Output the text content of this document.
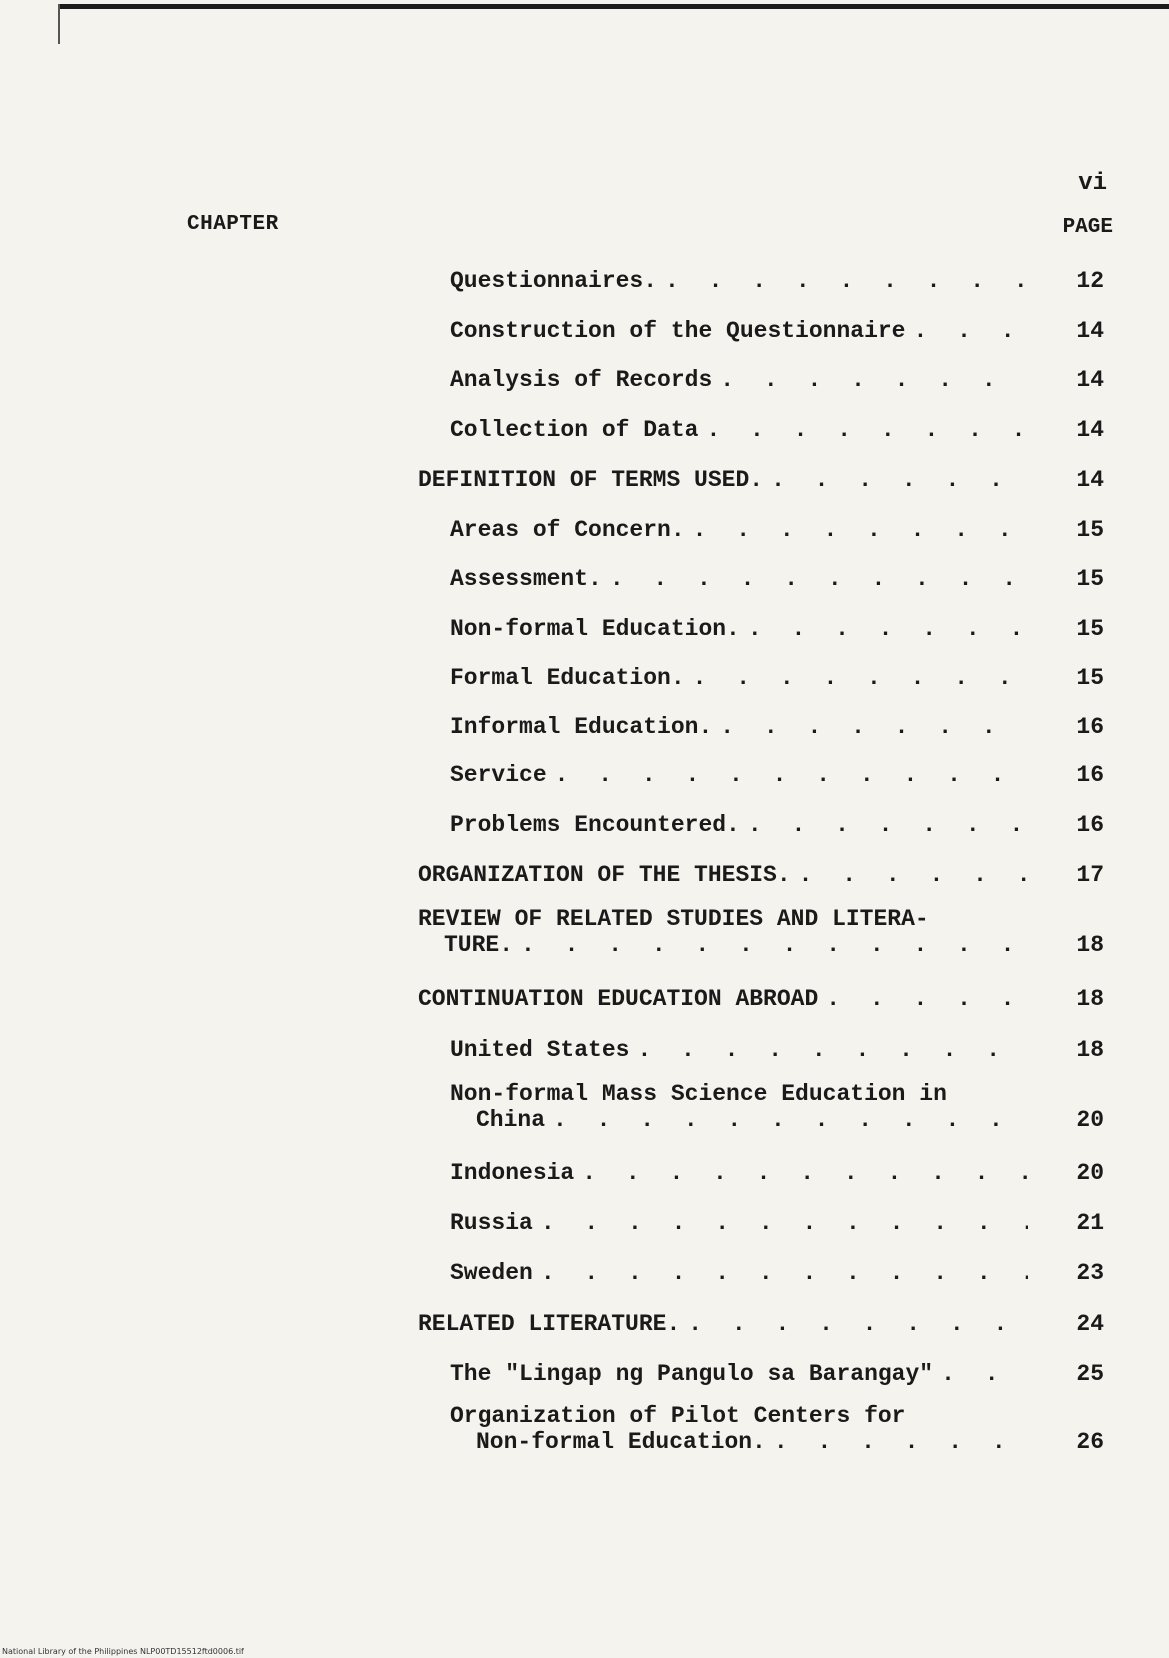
vi
CHAPTER	PAGE
Questionnaires. . . .	12
Construction of the Questionnaire . . .	14
Analysis of Records . . .	14
Collection of Data . . .	14
DEFINITION OF TERMS USED. . . .	14
Areas of Concern. . . .	15
Assessment. . . .	15
Non-formal Education. . . .	15
Formal Education. . . .	15
Informal Education. . . .	16
Service . . .	16
Problems Encountered. . . .	16
ORGANIZATION OF THE THESIS. . . .	17
REVIEW OF RELATED STUDIES AND LITERA-
TURE. . . .	18
CONTINUATION EDUCATION ABROAD . . .	18
United States . . .	18
Non-formal Mass Science Education in
China . . .	20
Indonesia . . .	20
Russia . . .	21
Sweden . . .	23
RELATED LITERATURE. . . .	24
The "Lingap ng Pangulo sa Barangay" . . .	25
Organization of Pilot Centers for
Non-formal Education. . . .	26
National Library of the Philippines NLP00TD15512ftd0006.tif
